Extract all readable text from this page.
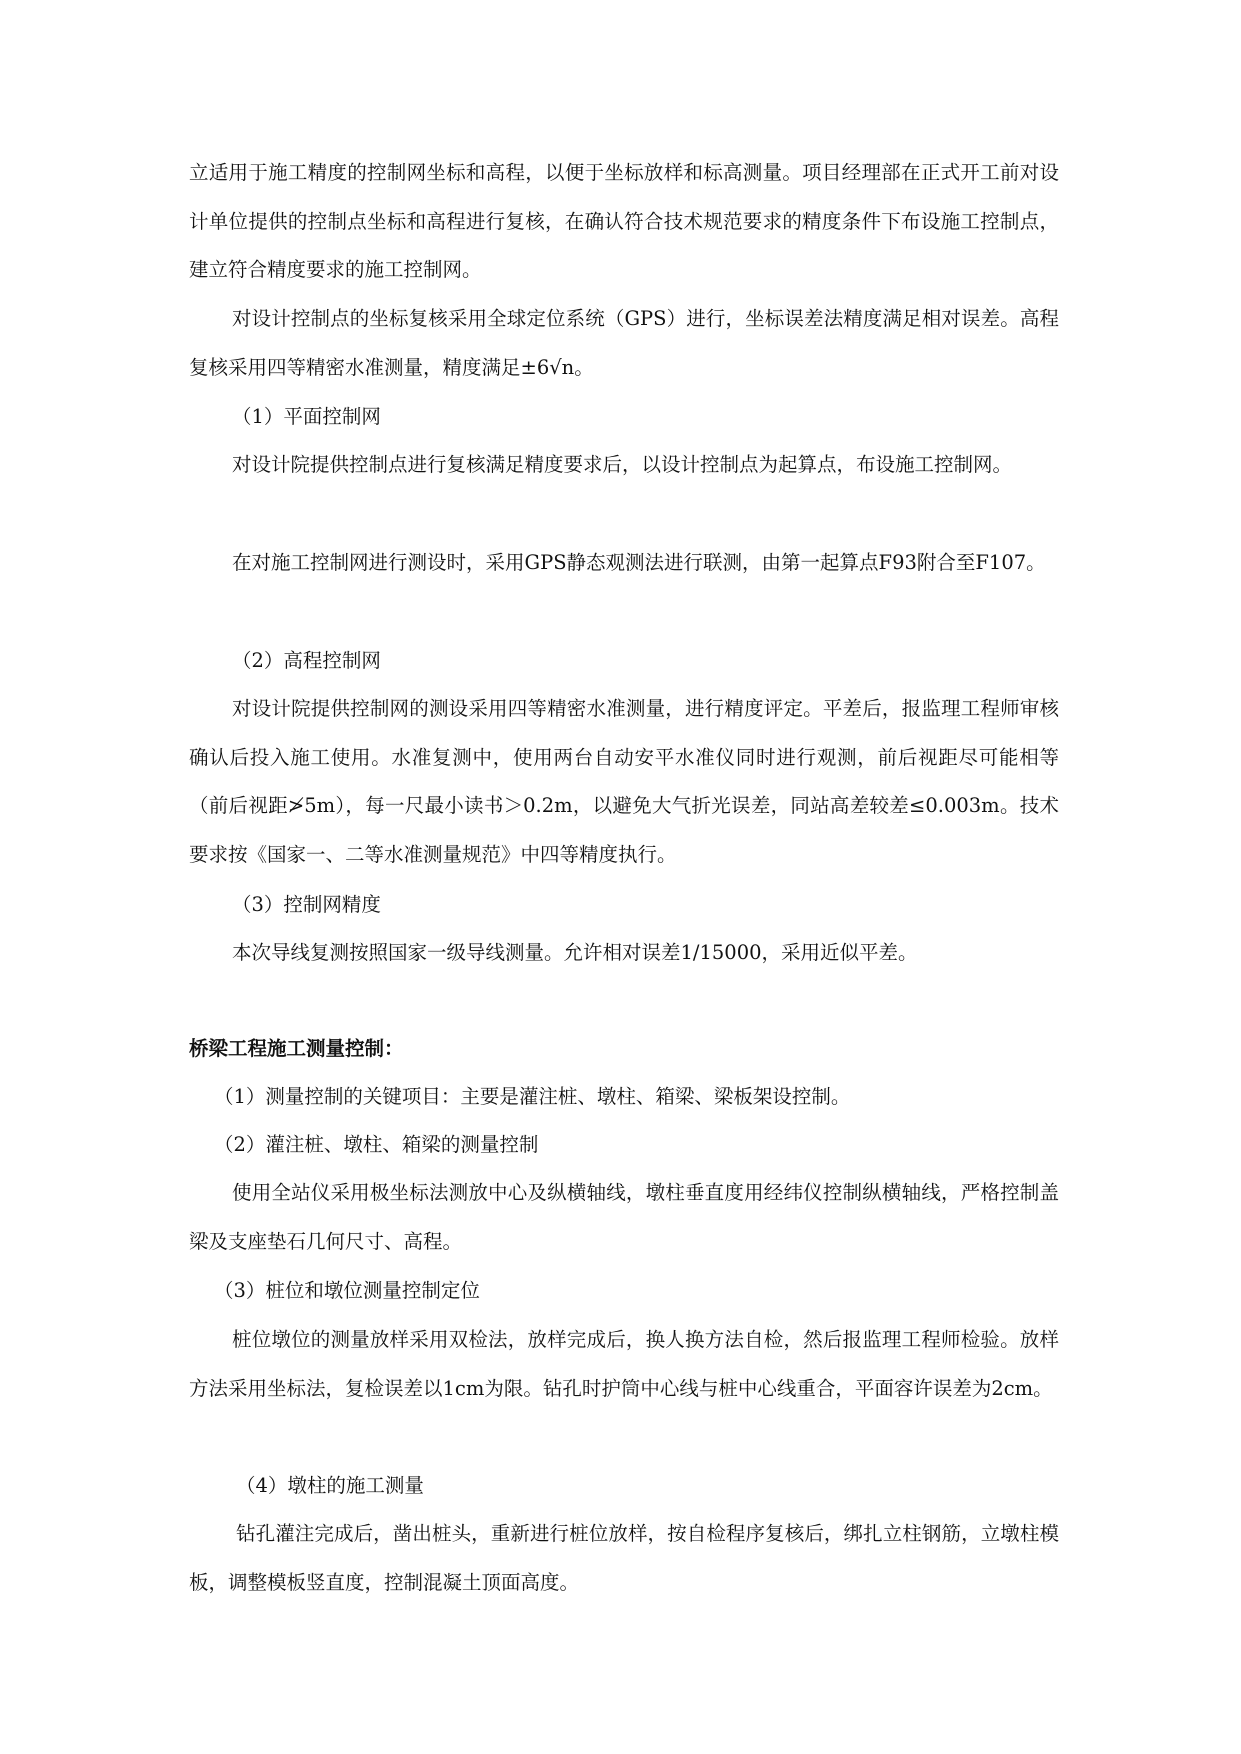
立适用于施工精度的控制网坐标和高程，以便于坐标放样和标高测量。项目经理部在正式开工前对设计单位提供的控制点坐标和高程进行复核，在确认符合技术规范要求的精度条件下布设施工控制点，建立符合精度要求的施工控制网。

对设计控制点的坐标复核采用全球定位系统（GPS）进行，坐标误差法精度满足相对误差。高程复核采用四等精密水准测量，精度满足±6√n。

（1）平面控制网

对设计院提供控制点进行复核满足精度要求后，以设计控制点为起算点，布设施工控制网。

在对施工控制网进行测设时，采用GPS静态观测法进行联测，由第一起算点F93附合至F107。

（2）高程控制网

对设计院提供控制网的测设采用四等精密水准测量，进行精度评定。平差后，报监理工程师审核确认后投入施工使用。水准复测中，使用两台自动安平水准仪同时进行观测，前后视距尽可能相等（前后视距≯5m），每一尺最小读书＞0.2m，以避免大气折光误差，同站高差较差≤0.003m。技术要求按《国家一、二等水准测量规范》中四等精度执行。

（3）控制网精度

本次导线复测按照国家一级导线测量。允许相对误差1/15000，采用近似平差。

桥梁工程施工测量控制：

（1）测量控制的关键项目：主要是灌注桩、墩柱、箱梁、梁板架设控制。

（2）灌注桩、墩柱、箱梁的测量控制

使用全站仪采用极坐标法测放中心及纵横轴线，墩柱垂直度用经纬仪控制纵横轴线，严格控制盖梁及支座垫石几何尺寸、高程。

（3）桩位和墩位测量控制定位

桩位墩位的测量放样采用双检法，放样完成后，换人换方法自检，然后报监理工程师检验。放样方法采用坐标法，复检误差以1cm为限。钻孔时护筒中心线与桩中心线重合，平面容许误差为2cm。

（4）墩柱的施工测量

钻孔灌注完成后，凿出桩头，重新进行桩位放样，按自检程序复核后，绑扎立柱钢筋，立墩柱模板，调整模板竖直度，控制混凝土顶面高度。
